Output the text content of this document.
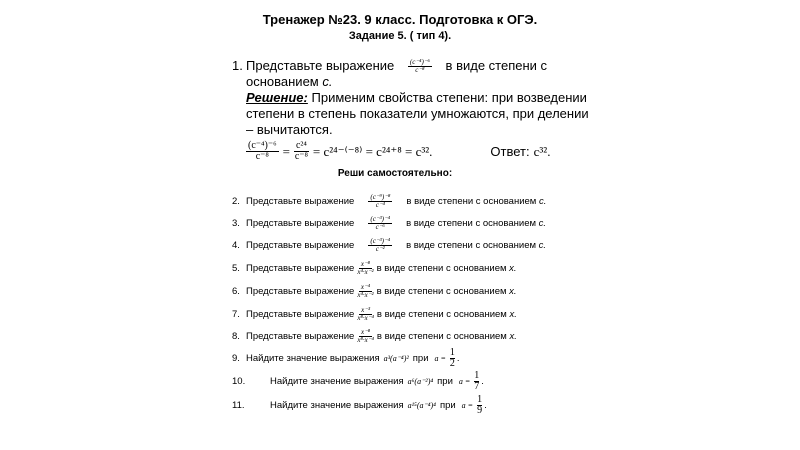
Тренажер №23. 9 класс. Подготовка к ОГЭ.
Задание 5. ( тип 4).
1. Представьте выражение $\frac{\text{(c⁻⁴)⁻⁶}}{\text{c⁻⁸}}$ в виде степени с основанием c.
Решение: Применим свойства степени: при возведении степени в степень показатели умножаются, при делении – вычитаются.
$\frac{\text{(c⁻⁴)⁻⁶}}{\text{c⁻⁸}} = \frac{\text{c²⁴}}{\text{c⁻⁸}} = c^{24-(-8)} = c^{24+8} = c^{32}$.	Ответ: c³².
Реши самостоятельно:
2. Представьте выражение $\frac{\text{(c⁻⁹)⁻⁸}}{\text{c⁻⁴}}$ в виде степени с основанием
c.
3. Представьте выражение $\frac{\text{(c⁻³)⁻⁴}}{\text{c⁻⁶}}$ в виде степени с основанием
c.
4. Представьте выражение $\frac{\text{(c⁻³)⁻⁴}}{\text{c⁻²}}$ в виде степени с основанием
c.
5. Представьте выражение $\frac{\text{x⁻⁸}}{\text{x⁴·x⁻²}}$ в виде степени с основанием
x.
6. Представьте выражение $\frac{\text{x⁻⁴}}{\text{x⁴·x⁻²}}$ в виде степени с основанием
x.
7. Представьте выражение $\frac{\text{x⁻³}}{\text{x⁸·x⁻⁴}}$ в виде степени с основанием
x.
8. Представьте выражение $\frac{\text{x⁻⁸}}{\text{x⁸·x⁻⁴}}$ в виде степени с основанием
x.
9. Найдите значение выражения a³(a⁻⁴)² при $a = \frac{1}{2}$ .
10.	Найдите значение выражения a⁶(a⁻²)⁴ при $a = \frac{1}{7}$ .
11.	Найдите значение выражения a¹⁵(a⁻⁴)⁴ при $a = \frac{1}{9}$ .
